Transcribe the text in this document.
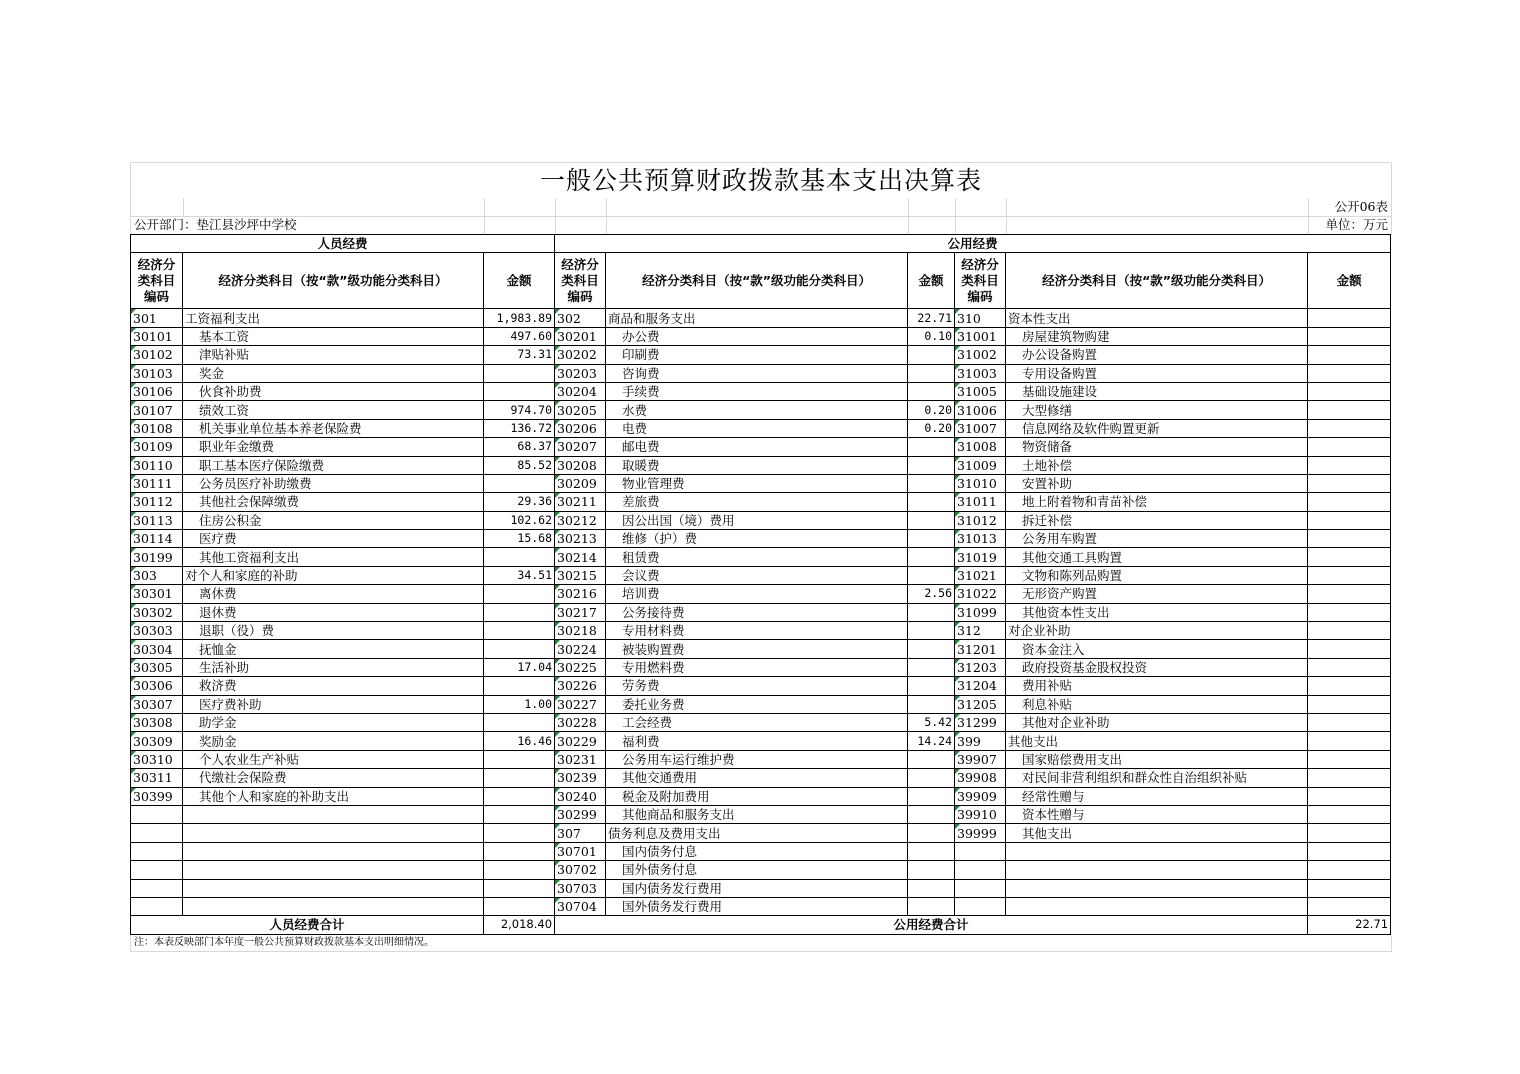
一般公共预算财政拨款基本支出决算表
公开06表
公开部门：垫江县沙坪中学校	单位：万元
人员经费			公用经费					
经济分类科目编码	经济分类科目（按“款”级功能分类科目）	金额	经济分类科目编码	经济分类科目（按“款”级功能分类科目）	金额	经济分类科目编码	经济分类科目（按“款”级功能分类科目）	金额
301	工资福利支出	1,983.89	302	商品和服务支出	22.71	310	资本性支出	
30101	基本工资	497.60	30201	办公费	0.10	31001	房屋建筑物购建	
30102	津贴补贴	73.31	30202	印刷费		31002	办公设备购置	
30103	奖金		30203	咨询费		31003	专用设备购置	
30106	伙食补助费		30204	手续费		31005	基础设施建设	
30107	绩效工资	974.70	30205	水费	0.20	31006	大型修缮	
30108	机关事业单位基本养老保险费	136.72	30206	电费	0.20	31007	信息网络及软件购置更新	
30109	职业年金缴费	68.37	30207	邮电费		31008	物资储备	
30110	职工基本医疗保险缴费	85.52	30208	取暖费		31009	土地补偿	
30111	公务员医疗补助缴费		30209	物业管理费		31010	安置补助	
30112	其他社会保障缴费	29.36	30211	差旅费		31011	地上附着物和青苗补偿	
30113	住房公积金	102.62	30212	因公出国（境）费用		31012	拆迁补偿	
30114	医疗费	15.68	30213	维修（护）费		31013	公务用车购置	
30199	其他工资福利支出		30214	租赁费		31019	其他交通工具购置	
303	对个人和家庭的补助	34.51	30215	会议费		31021	文物和陈列品购置	
30301	离休费		30216	培训费	2.56	31022	无形资产购置	
30302	退休费		30217	公务接待费		31099	其他资本性支出	
30303	退职（役）费		30218	专用材料费		312	对企业补助	
30304	抚恤金		30224	被装购置费		31201	资本金注入	
30305	生活补助	17.04	30225	专用燃料费		31203	政府投资基金股权投资	
30306	救济费		30226	劳务费		31204	费用补贴	
30307	医疗费补助	1.00	30227	委托业务费		31205	利息补贴	
30308	助学金		30228	工会经费	5.42	31299	其他对企业补助	
30309	奖励金	16.46	30229	福利费	14.24	399	其他支出	
30310	个人农业生产补贴		30231	公务用车运行维护费		39907	国家赔偿费用支出	
30311	代缴社会保险费		30239	其他交通费用		39908	对民间非营利组织和群众性自治组织补贴	
30399	其他个人和家庭的补助支出		30240	税金及附加费用		39909	经常性赠与	
			30299	其他商品和服务支出		39910	资本性赠与	
			307	债务利息及费用支出		39999	其他支出	
			30701	国内债务付息				
			30702	国外债务付息				
			30703	国内债务发行费用				
			30704	国外债务发行费用				
人员经费合计		2,018.40	公用经费合计					22.71
注：本表反映部门本年度一般公共预算财政拨款基本支出明细情况。
